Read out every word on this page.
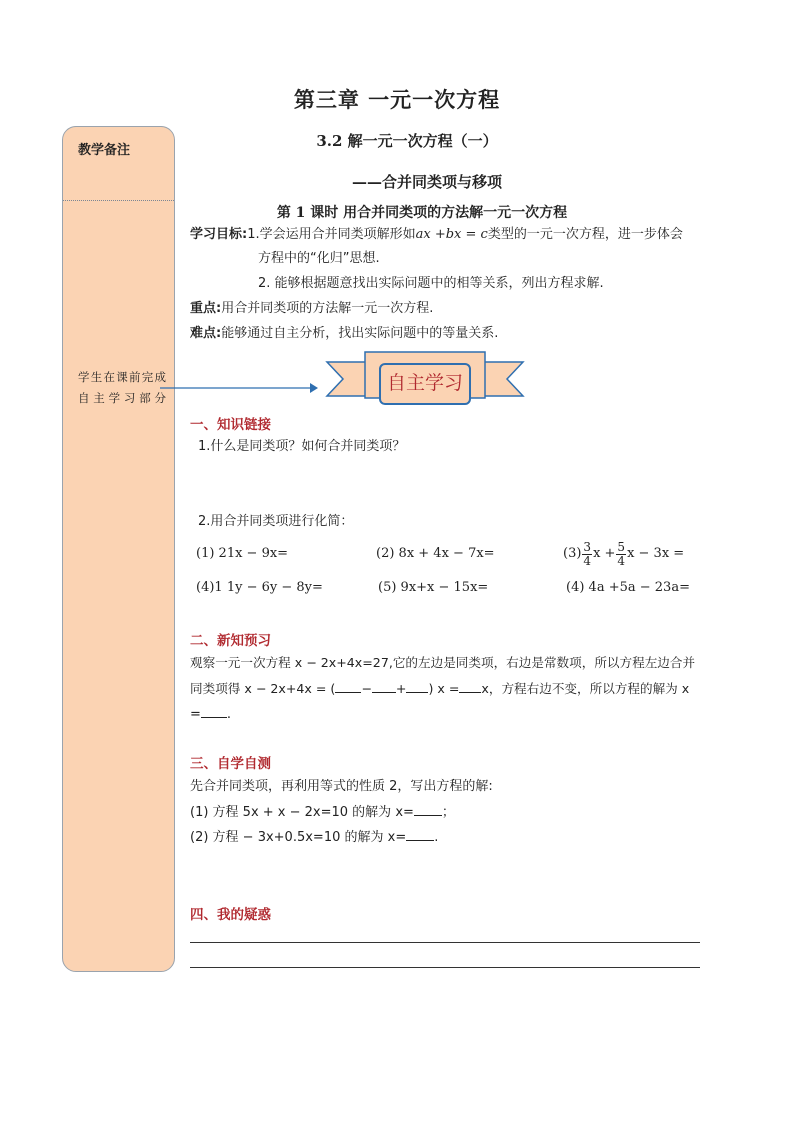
第三章 一元一次方程
3.2 解一元一次方程（一）
——合并同类项与移项
第 1 课时 用合并同类项的方法解一元一次方程
教学备注
学生在课前完成自主学习部分
学习目标:1.学会运用合并同类项解形如ax +bx = c类型的一元一次方程，进一步体会
方程中的“化归”思想.
2. 能够根据题意找出实际问题中的相等关系，列出方程求解.
重点:用合并同类项的方法解一元一次方程.
难点:能够通过自主分析，找出实际问题中的等量关系.
自主学习
一、知识链接
1.什么是同类项？如何合并同类项？
2.用合并同类项进行化简：
(1) 21x − 9x=	(2) 8x + 4x − 7x=	$(3) \frac{3}{4}$ $x + \frac{5}{4}$ x − 3x =
(4)1 1y − 6y − 8y=	(5) 9x+x − 15x=	(4) 4a +5a − 23a=
二、新知预习
观察一元一次方程 x − 2x+4x=27,它的左边是同类项，右边是常数项，所以方程左边合并
同类项得 x − 2x+4x = ( − + ) x = x，方程右边不变，所以方程的解为 x
= .
三、自学自测
先合并同类项，再利用等式的性质 2，写出方程的解:
(1) 方程 5x + x − 2x=10 的解为 x= ；
(2) 方程 − 3x+0.5x=10 的解为 x= .
四、我的疑惑
